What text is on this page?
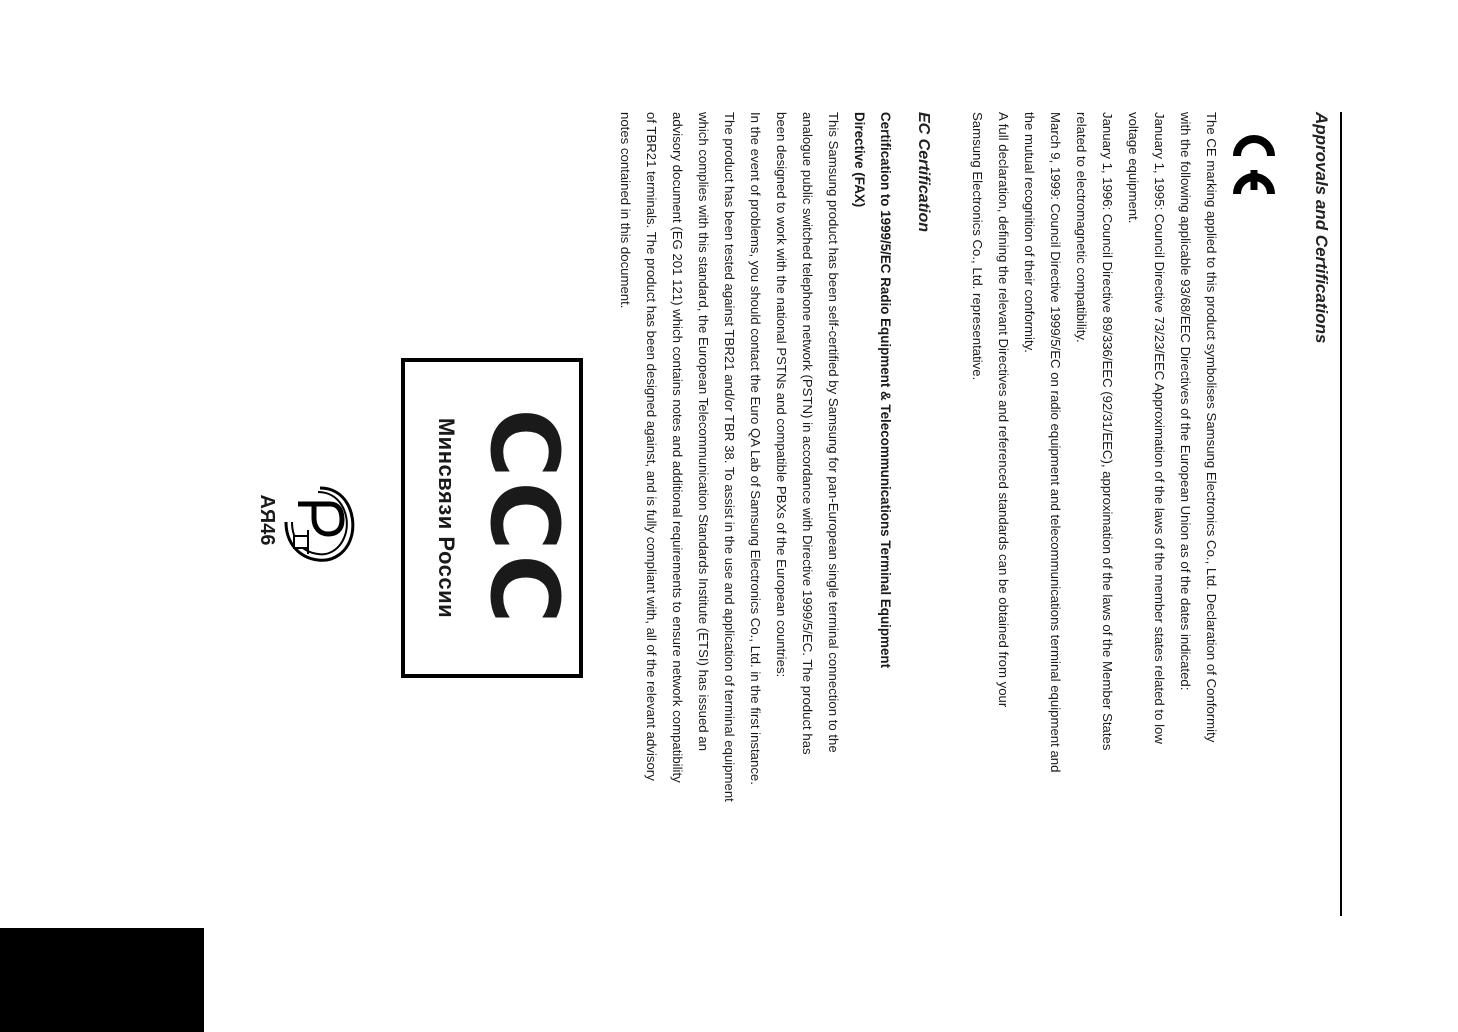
Approvals and Certifications
The CE marking applied to this product symbolises Samsung Electronics Co., Ltd. Declaration of Conformity
with the following applicable 93/68/EEC Directives of the European Union as of the dates indicated:
January 1, 1995: Council Directive 73/23/EEC Approximation of the laws of the member states related to low
voltage equipment.
January 1, 1996: Council Directive 89/336/EEC (92/31/EEC), approximation of the laws of the Member States
related to electromagnetic compatibility.
March 9, 1999: Council Directive 1999/5/EC on radio equipment and telecommunications terminal equipment and
the mutual recognition of their conformity.
A full declaration, defining the relevant Directives and referenced standards can be obtained from your
Samsung Electronics Co., Ltd. representative.
EC Certification
Certification to 1999/5/EC Radio Equipment & Telecommunications Terminal Equipment
Directive (FAX)
This Samsung product has been self-certified by Samsung for pan-European single terminal connection to the
analogue public switched telephone network (PSTN) in accordance with Directive 1999/5/EC. The product has
been designed to work with the national PSTNs and compatible PBXs of the European countries:
In the event of problems, you should contact the Euro QA Lab of Samsung Electronics Co., Ltd. in the first instance.
The product has been tested against TBR21 and/or TBR 38. To assist in the use and application of terminal equipment
which complies with this standard, the European Telecommunication Standards Institute (ETSI) has issued an
advisory document (EG 201 121) which contains notes and additional requirements to ensure network compatibility
of TBR21 terminals. The product has been designed against, and is fully compliant with, all of the relevant advisory
notes contained in this document.
CCC
Минсвязи России
АЯ46
